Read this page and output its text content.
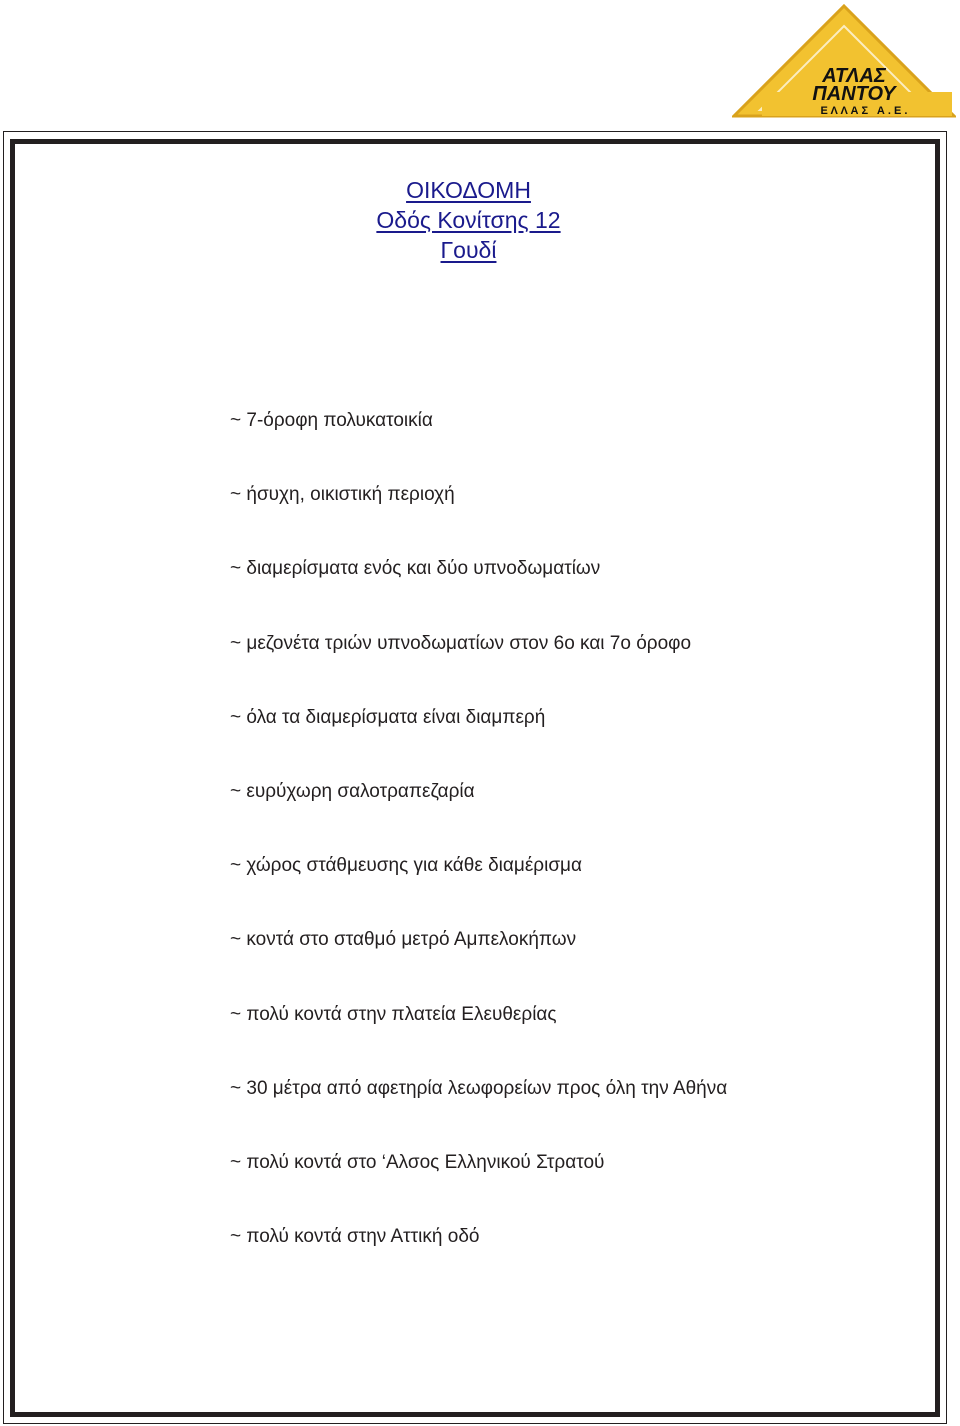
ΑΤΛΑΣ
ΠΑΝΤΟΥ
Ε Λ Λ Α Σ   Α . Ε .
ΟΙΚΟΔΟΜΗ
Οδός Κονίτσης 12
Γουδί
~ 7-όροφη πολυκατοικία
~ ήσυχη, οικιστική περιοχή
~ διαμερίσματα ενός και δύο υπνοδωματίων
~ μεζονέτα τριών υπνοδωματίων στον 6ο και 7ο όροφο
~ όλα τα διαμερίσματα είναι διαμπερή
~ ευρύχωρη σαλοτραπεζαρία
~ χώρος στάθμευσης για κάθε διαμέρισμα
~ κοντά στο σταθμό μετρό Αμπελοκήπων
~ πολύ κοντά στην πλατεία Ελευθερίας
~ 30 μέτρα από αφετηρία λεωφορείων προς όλη την Αθήνα
~ πολύ κοντά στο ‘Αλσος Ελληνικού Στρατού
~ πολύ κοντά στην Αττική οδό
